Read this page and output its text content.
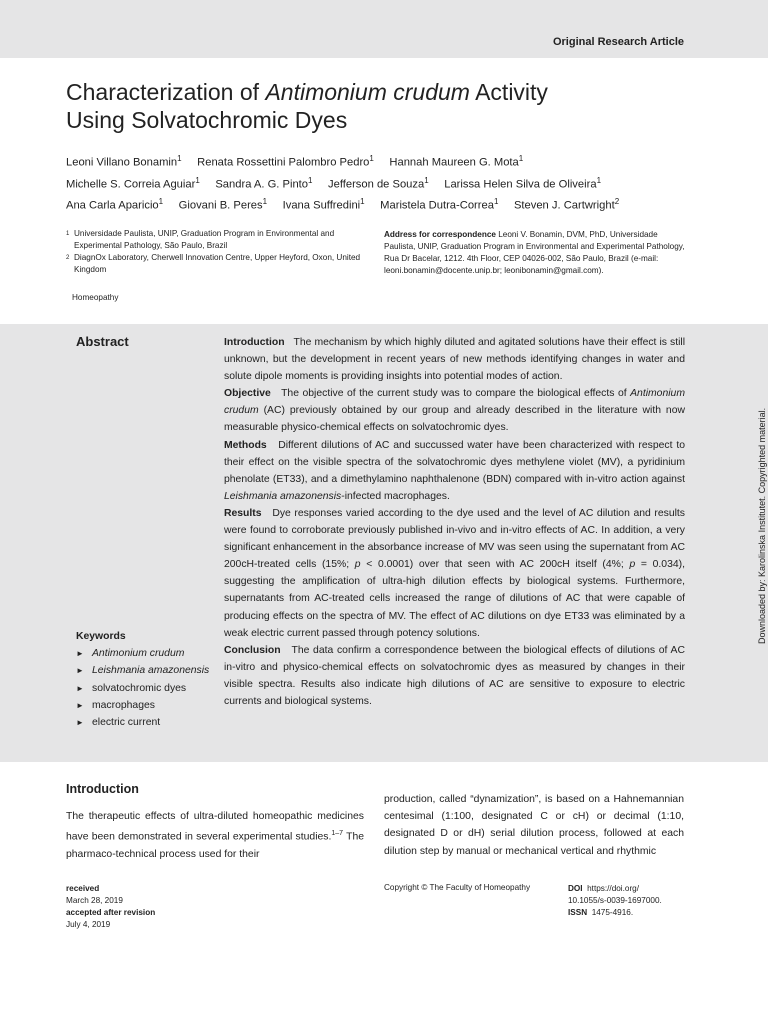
Original Research Article
Characterization of Antimonium crudum Activity
Using Solvatochromic Dyes
Leoni Villano Bonamin$^1$ Renata Rossettini Palombro Pedro$^1$ Hannah Maureen G. Mota$^1$
Michelle S. Correia Aguiar$^1$ Sandra A. G. Pinto$^1$ Jefferson de Souza$^1$ Larissa Helen Silva de Oliveira$^1$
Ana Carla Aparicio$^1$ Giovani B. Peres$^1$ Ivana Suffredini$^1$ Maristela Dutra-Correa$^1$ Steven J. Cartwright$^2$
1 Universidade Paulista, UNIP, Graduation Program in Environmental and Experimental Pathology, São Paulo, Brazil
2 DiagnOx Laboratory, Cherwell Innovation Centre, Upper Heyford, Oxon, United Kingdom
Homeopathy
Address for correspondence Leoni V. Bonamin, DVM, PhD, Universidade Paulista, UNIP, Graduation Program in Environmental and Experimental Pathology, Rua Dr Bacelar, 1212. 4th Floor, CEP 04026-002, São Paulo, Brazil (e-mail: leoni.bonamin@docente.unip.br; leonibonamin@gmail.com).
Abstract	Introduction The mechanism by which highly diluted and agitated solutions have their effect is still unknown, but the development in recent years of new methods identifying changes in water and solute dipole moments is providing insights into potential modes of action.

Objective The objective of the current study was to compare the biological effects of Antimonium crudum (AC) previously obtained by our group and already described in the literature with now measurable physico-chemical effects on solvatochromic dyes.

Methods Different dilutions of AC and succussed water have been characterized with respect to their effect on the visible spectra of the solvatochromic dyes methylene violet (MV), a pyridinium phenolate (ET33), and a dimethylamino naphthalenone (BDN) compared with in-vitro action against Leishmania amazonensis-infected macrophages.

Results Dye responses varied according to the dye used and the level of AC dilution and results were found to corroborate previously published in-vivo and in-vitro effects of AC. In addition, a very significant enhancement in the absorbance increase of MV was seen using the supernatant from AC 200cH-treated cells (15%; p < 0.0001) over that seen with AC 200cH itself (4%; p = 0.034), suggesting the amplification of ultra-high dilution effects by biological systems. Furthermore, supernatants from AC-treated cells increased the range of dilutions of AC that were capable of producing effects on the spectra of MV. The effect of AC dilutions on dye ET33 was eliminated by a weak electric current passed through potency solutions.

Conclusion The data confirm a correspondence between the biological effects of dilutions of AC in-vitro and physico-chemical effects on solvatochromic dyes as measured by changes in their visible spectra. Results also indicate high dilutions of AC are sensitive to exposure to electric currents and biological systems.

Keywords
► Antimonium crudum
► Leishmania amazonensis
► solvatochromic dyes
► macrophages
► electric current
Downloaded by: Karolinska Institutet. Copyrighted material.
Introduction
The therapeutic effects of ultra-diluted homeopathic medicines have been demonstrated in several experimental studies.$^{1-7}$ The pharmaco-technical process used for their
production, called “dynamization”, is based on a Hahnemannian centesimal (1:100, designated C or cH) or decimal (1:10, designated D or dH) serial dilution process, followed at each dilution step by manual or mechanical vertical and rhythmic
received
March 28, 2019
accepted after revision
July 4, 2019
Copyright © The Faculty of Homeopathy	DOI https://doi.org/
10.1055/s-0039-1697000.
ISSN 1475-4916.
